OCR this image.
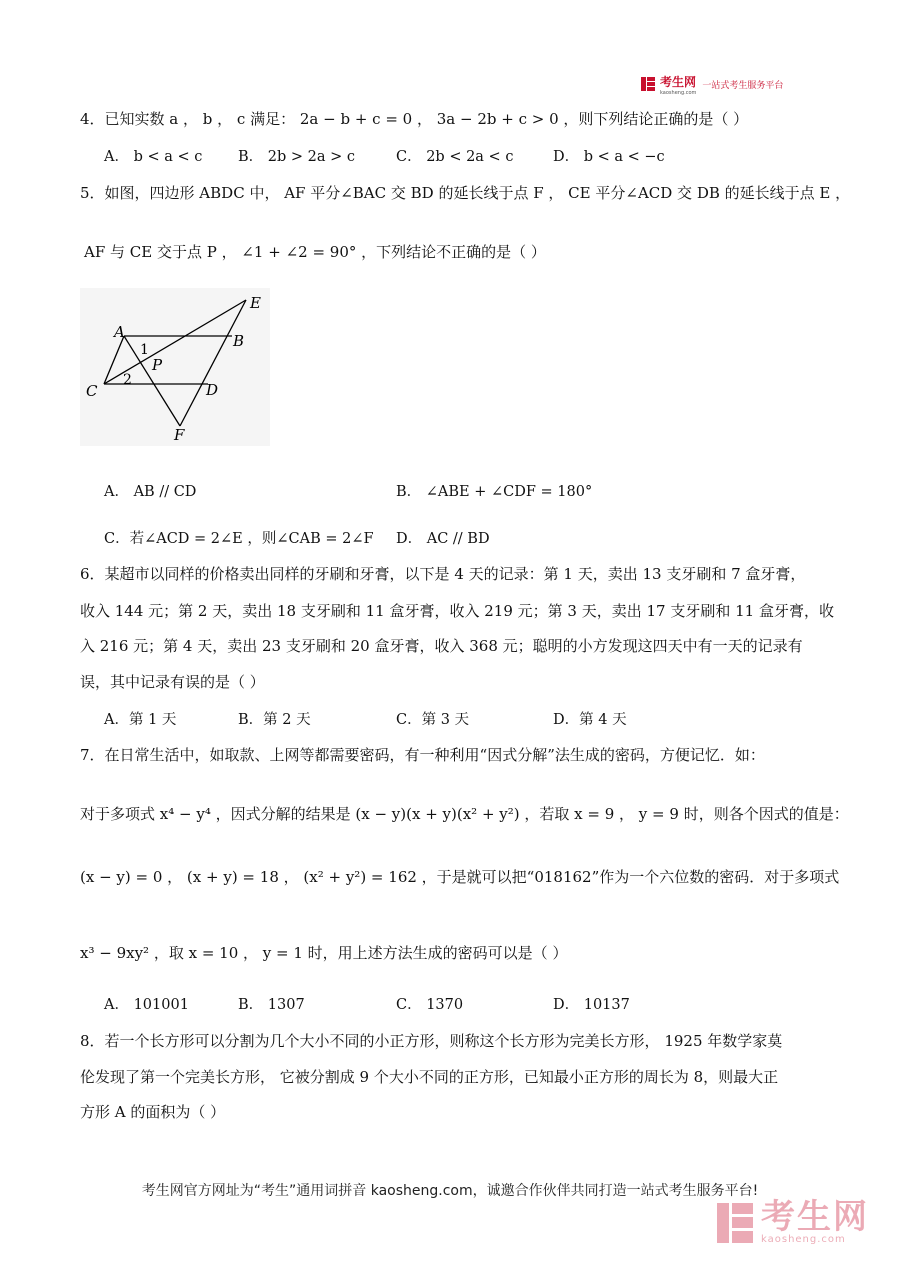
考生网
kaosheng.com
一站式考生服务平台
4．已知实数 a ， b ， c 满足： 2a − b + c = 0 ， 3a − 2b + c > 0 ，则下列结论正确的是（ ）
A． b < a < c B． 2b > 2a > c	C． 2b < 2a < c	D． b < a < −c
5．如图，四边形 ABDC 中， AF 平分∠BAC 交 BD 的延长线于点 F ， CE 平分∠ACD 交 DB 的延长线于点 E ，
AF 与 CE 交于点 P ， ∠1 + ∠2 = 90° ，下列结论不正确的是（ ）
A	B
C	D
E
F
P
1
2
A． AB // CD	B． ∠ABE + ∠CDF = 180°
C．若∠ACD = 2∠E ，则∠CAB = 2∠F D． AC // BD
6．某超市以同样的价格卖出同样的牙刷和牙膏，以下是 4 天的记录：第 1 天，卖出 13 支牙刷和 7 盒牙膏，
收入 144 元；第 2 天，卖出 18 支牙刷和 11 盒牙膏，收入 219 元；第 3 天，卖出 17 支牙刷和 11 盒牙膏，收
入 216 元；第 4 天，卖出 23 支牙刷和 20 盒牙膏，收入 368 元；聪明的小方发现这四天中有一天的记录有
误，其中记录有误的是（ ）
A．第 1 天	B．第 2 天	C．第 3 天	D．第 4 天
7．在日常生活中，如取款、上网等都需要密码，有一种利用“因式分解”法生成的密码，方便记忆．如：
对于多项式 x⁴ − y⁴ ，因式分解的结果是 (x − y)(x + y)(x² + y²) ，若取 x = 9 ， y = 9 时，则各个因式的值是：
(x − y) = 0 ， (x + y) = 18 ， (x² + y²) = 162 ，于是就可以把“018162”作为一个六位数的密码．对于多项式
x³ − 9xy² ，取 x = 10 ， y = 1 时，用上述方法生成的密码可以是（ ）
A． 101001	B． 1307	C． 1370	D． 10137
8．若一个长方形可以分割为几个大小不同的小正方形，则称这个长方形为完美长方形， 1925 年数学家莫
伦发现了第一个完美长方形， 它被分割成 9 个大小不同的正方形，已知最小正方形的周长为 8，则最大正
方形 A 的面积为（ ）
考生网官方网址为“考生”通用词拼音 kaosheng.com，诚邀合作伙伴共同打造一站式考生服务平台!
考生网
kaosheng.com
